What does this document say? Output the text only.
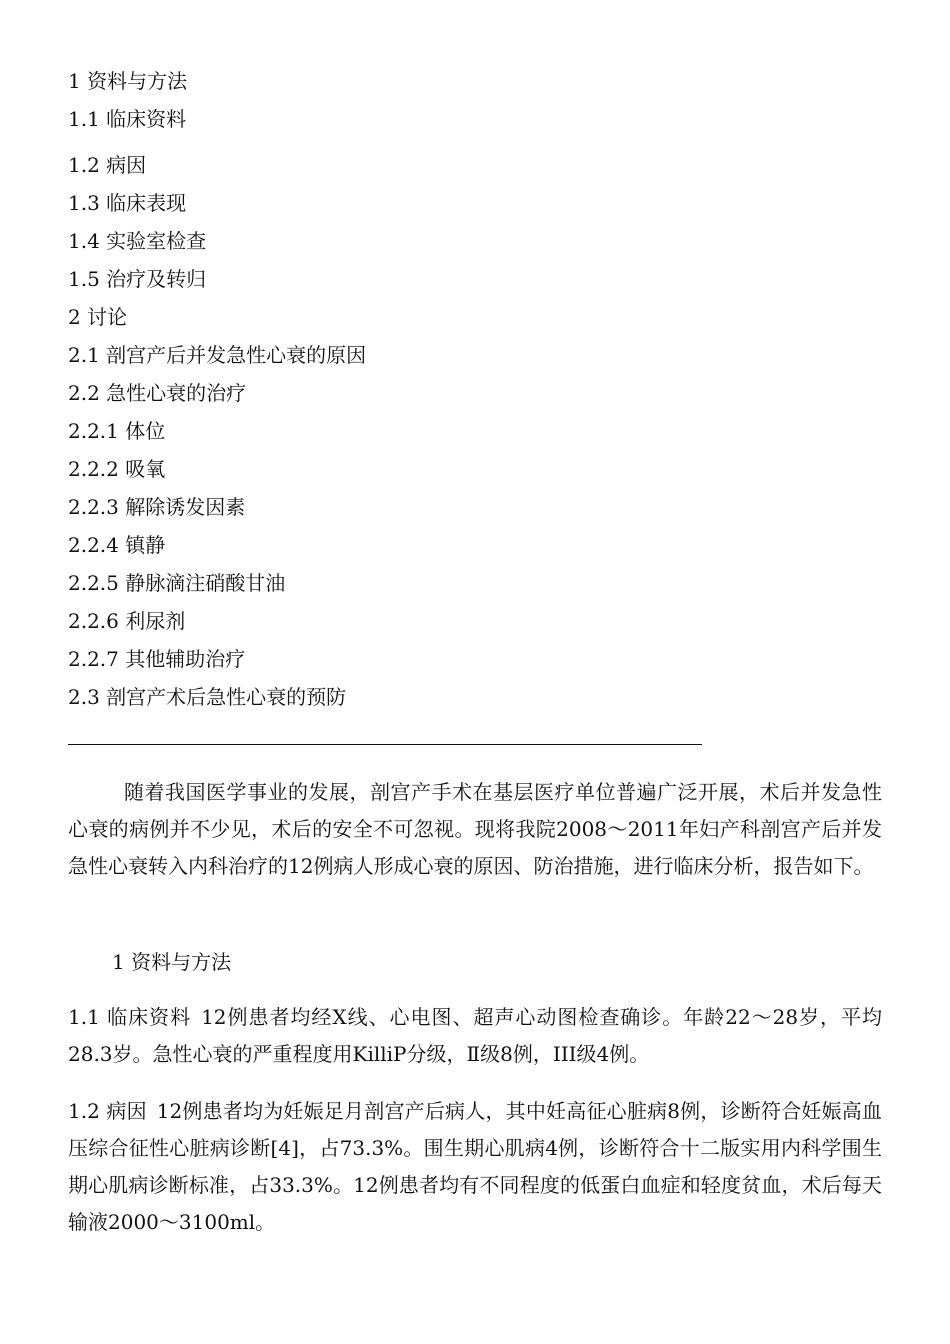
1 资料与方法
1.1 临床资料
1.2 病因
1.3 临床表现
1.4 实验室检查
1.5 治疗及转归
2 讨论
2.1 剖宫产后并发急性心衰的原因
2.2 急性心衰的治疗
2.2.1 体位
2.2.2 吸氧
2.2.3 解除诱发因素
2.2.4 镇静
2.2.5 静脉滴注硝酸甘油
2.2.6 利尿剂
2.2.7 其他辅助治疗
2.3 剖宫产术后急性心衰的预防

随着我国医学事业的发展，剖宫产手术在基层医疗单位普遍广泛开展，术后并发急性心衰的病例并不少见，术后的安全不可忽视。现将我院2008～2011年妇产科剖宫产后并发急性心衰转入内科治疗的12例病人形成心衰的原因、防治措施，进行临床分析，报告如下。

1 资料与方法

1.1 临床资料 12例患者均经X线、心电图、超声心动图检查确诊。年龄22～28岁，平均28.3岁。急性心衰的严重程度用KilliP分级，Ⅱ级8例，III级4例。

1.2 病因 12例患者均为妊娠足月剖宫产后病人，其中妊高征心脏病8例，诊断符合妊娠高血压综合征性心脏病诊断[4]，占73.3%。围生期心肌病4例，诊断符合十二版实用内科学围生期心肌病诊断标准，占33.3%。12例患者均有不同程度的低蛋白血症和轻度贫血，术后每天输液2000～3100ml。
